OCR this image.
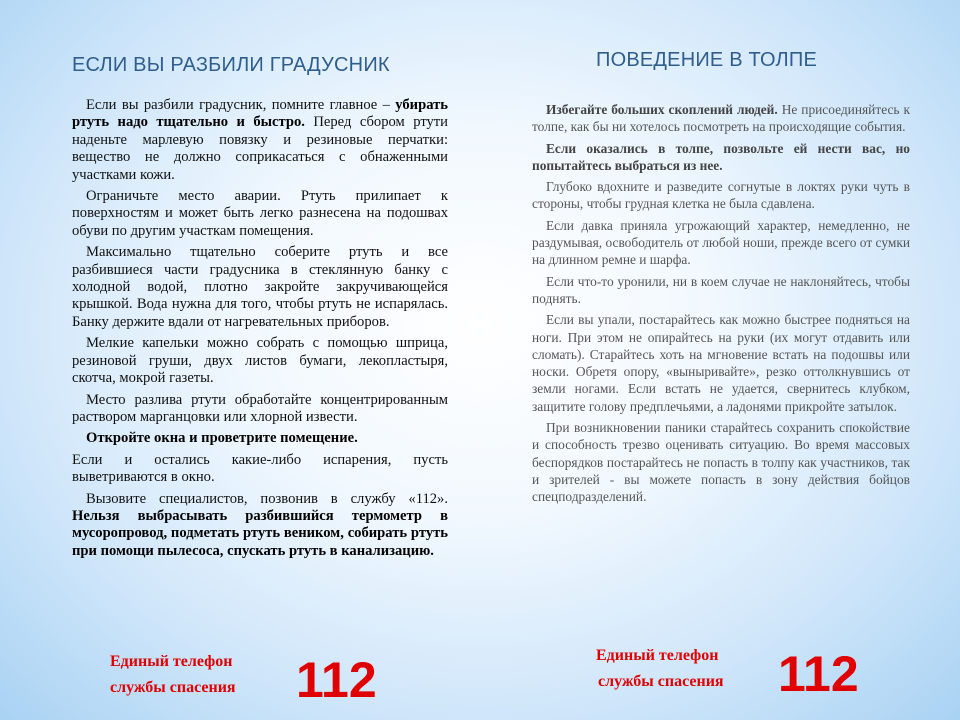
ЕСЛИ ВЫ РАЗБИЛИ ГРАДУСНИК

Если вы разбили градусник, помните главное – убирать ртуть надо тщательно и быстро. Перед сбором ртути наденьте марлевую повязку и резиновые перчатки: вещество не должно соприкасаться с обнаженными участками кожи.

Ограничьте место аварии. Ртуть прилипает к поверхностям и может быть легко разнесена на подошвах обуви по другим участкам помещения.

Максимально тщательно соберите ртуть и все разбившиеся части градусника в стеклянную банку с холодной водой, плотно закройте закручивающейся крышкой. Вода нужна для того, чтобы ртуть не испарялась. Банку держите вдали от нагревательных приборов.

Мелкие капельки можно собрать с помощью шприца, резиновой груши, двух листов бумаги, лекопластыря, скотча, мокрой газеты.

Место разлива ртути обработайте концентрированным раствором марганцовки или хлорной извести.

Откройте окна и проветрите помещение.

Если и остались какие-либо испарения, пусть выветриваются в окно.

Вызовите специалистов, позвонив в службу «112». Нельзя выбрасывать разбившийся термометр в мусоропровод, подметать ртуть веником, собирать ртуть при помощи пылесоса, спускать ртуть в канализацию.

Единый телефон
службы спасения 112
ПОВЕДЕНИЕ В ТОЛПЕ

Избегайте больших скоплений людей. Не присоединяйтесь к толпе, как бы ни хотелось посмотреть на происходящие события.

Если оказались в толпе, позвольте ей нести вас, но попытайтесь выбраться из нее.

Глубоко вдохните и разведите согнутые в локтях руки чуть в стороны, чтобы грудная клетка не была сдавлена.

Если давка приняла угрожающий характер, немедленно, не раздумывая, освободитель от любой ноши, прежде всего от сумки на длинном ремне и шарфа.

Если что-то уронили, ни в коем случае не наклоняйтесь, чтобы поднять.

Если вы упали, постарайтесь как можно быстрее подняться на ноги. При этом не опирайтесь на руки (их могут отдавить или сломать). Старайтесь хоть на мгновение встать на подошвы или носки. Обретя опору, «выныривайте», резко оттолкнувшись от земли ногами. Если встать не удается, свернитесь клубком, защитите голову предплечьями, а ладонями прикройте затылок.

При возникновении паники старайтесь сохранить спокойствие и способность трезво оценивать ситуацию. Во время массовых беспорядков постарайтесь не попасть в толпу как участников, так и зрителей - вы можете попасть в зону действия бойцов спецподразделений.

Единый телефон
службы спасения 112
